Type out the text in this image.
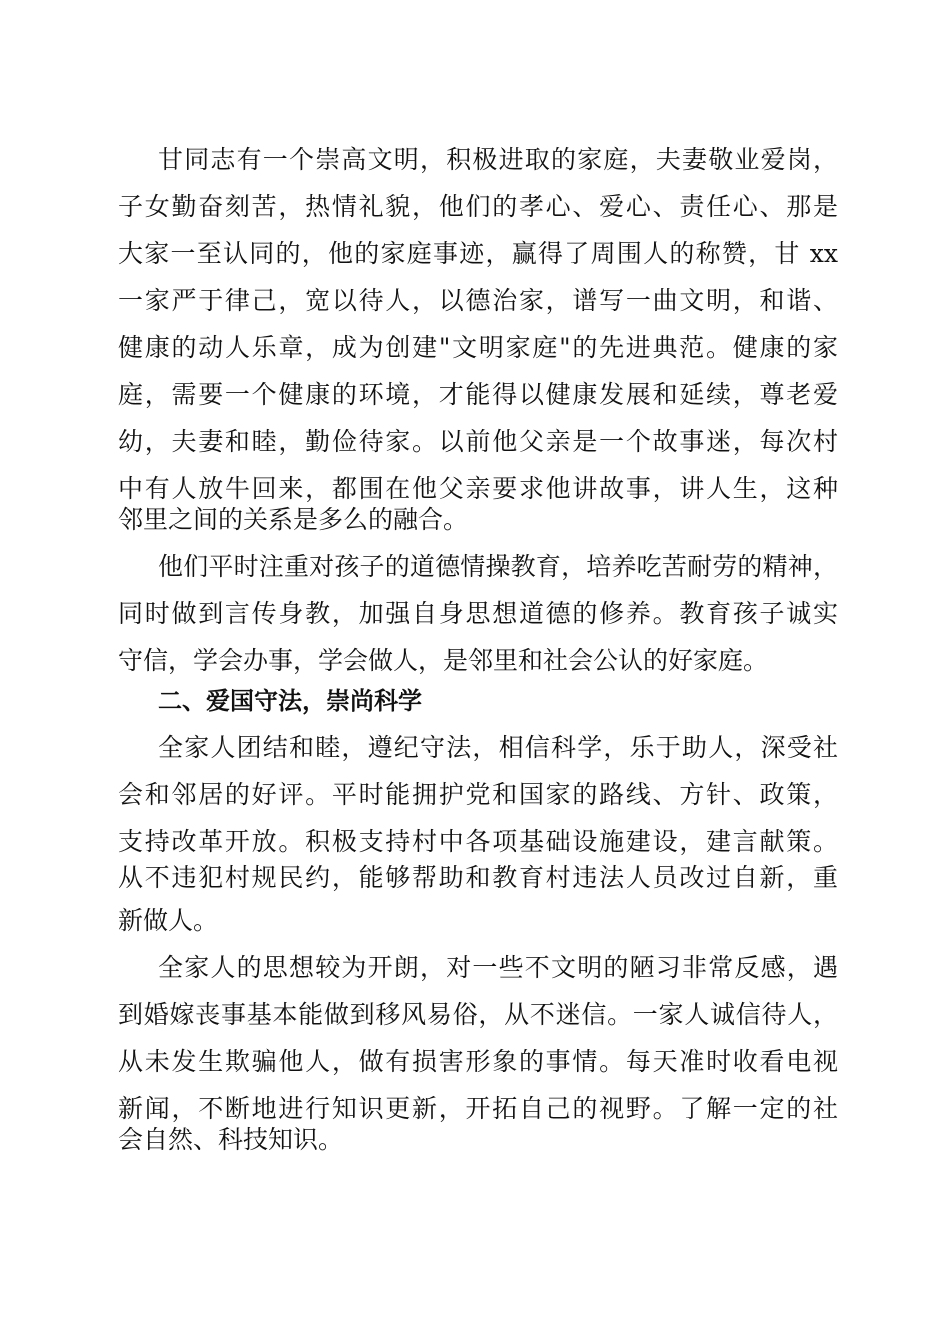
甘同志有一个崇高文明，积极进取的家庭，夫妻敬业爱岗，
子女勤奋刻苦，热情礼貌，他们的孝心、爱心、责任心、那是
大家一至认同的，他的家庭事迹，赢得了周围人的称赞，甘 xx
一家严于律己，宽以待人，以德治家，谱写一曲文明，和谐、
健康的动人乐章，成为创建"文明家庭"的先进典范。健康的家
庭，需要一个健康的环境，才能得以健康发展和延续，尊老爱
幼，夫妻和睦，勤俭待家。以前他父亲是一个故事迷，每次村
中有人放牛回来，都围在他父亲要求他讲故事，讲人生，这种
邻里之间的关系是多么的融合。
他们平时注重对孩子的道德情操教育，培养吃苦耐劳的精神，
同时做到言传身教，加强自身思想道德的修养。教育孩子诚实
守信，学会办事，学会做人，是邻里和社会公认的好家庭。
二、爱国守法，崇尚科学
全家人团结和睦，遵纪守法，相信科学，乐于助人，深受社
会和邻居的好评。平时能拥护党和国家的路线、方针、政策，
支持改革开放。积极支持村中各项基础设施建设，建言献策。
从不违犯村规民约，能够帮助和教育村违法人员改过自新，重
新做人。
全家人的思想较为开朗，对一些不文明的陋习非常反感，遇
到婚嫁丧事基本能做到移风易俗，从不迷信。一家人诚信待人，
从未发生欺骗他人，做有损害形象的事情。每天准时收看电视
新闻，不断地进行知识更新，开拓自己的视野。了解一定的社
会自然、科技知识。
